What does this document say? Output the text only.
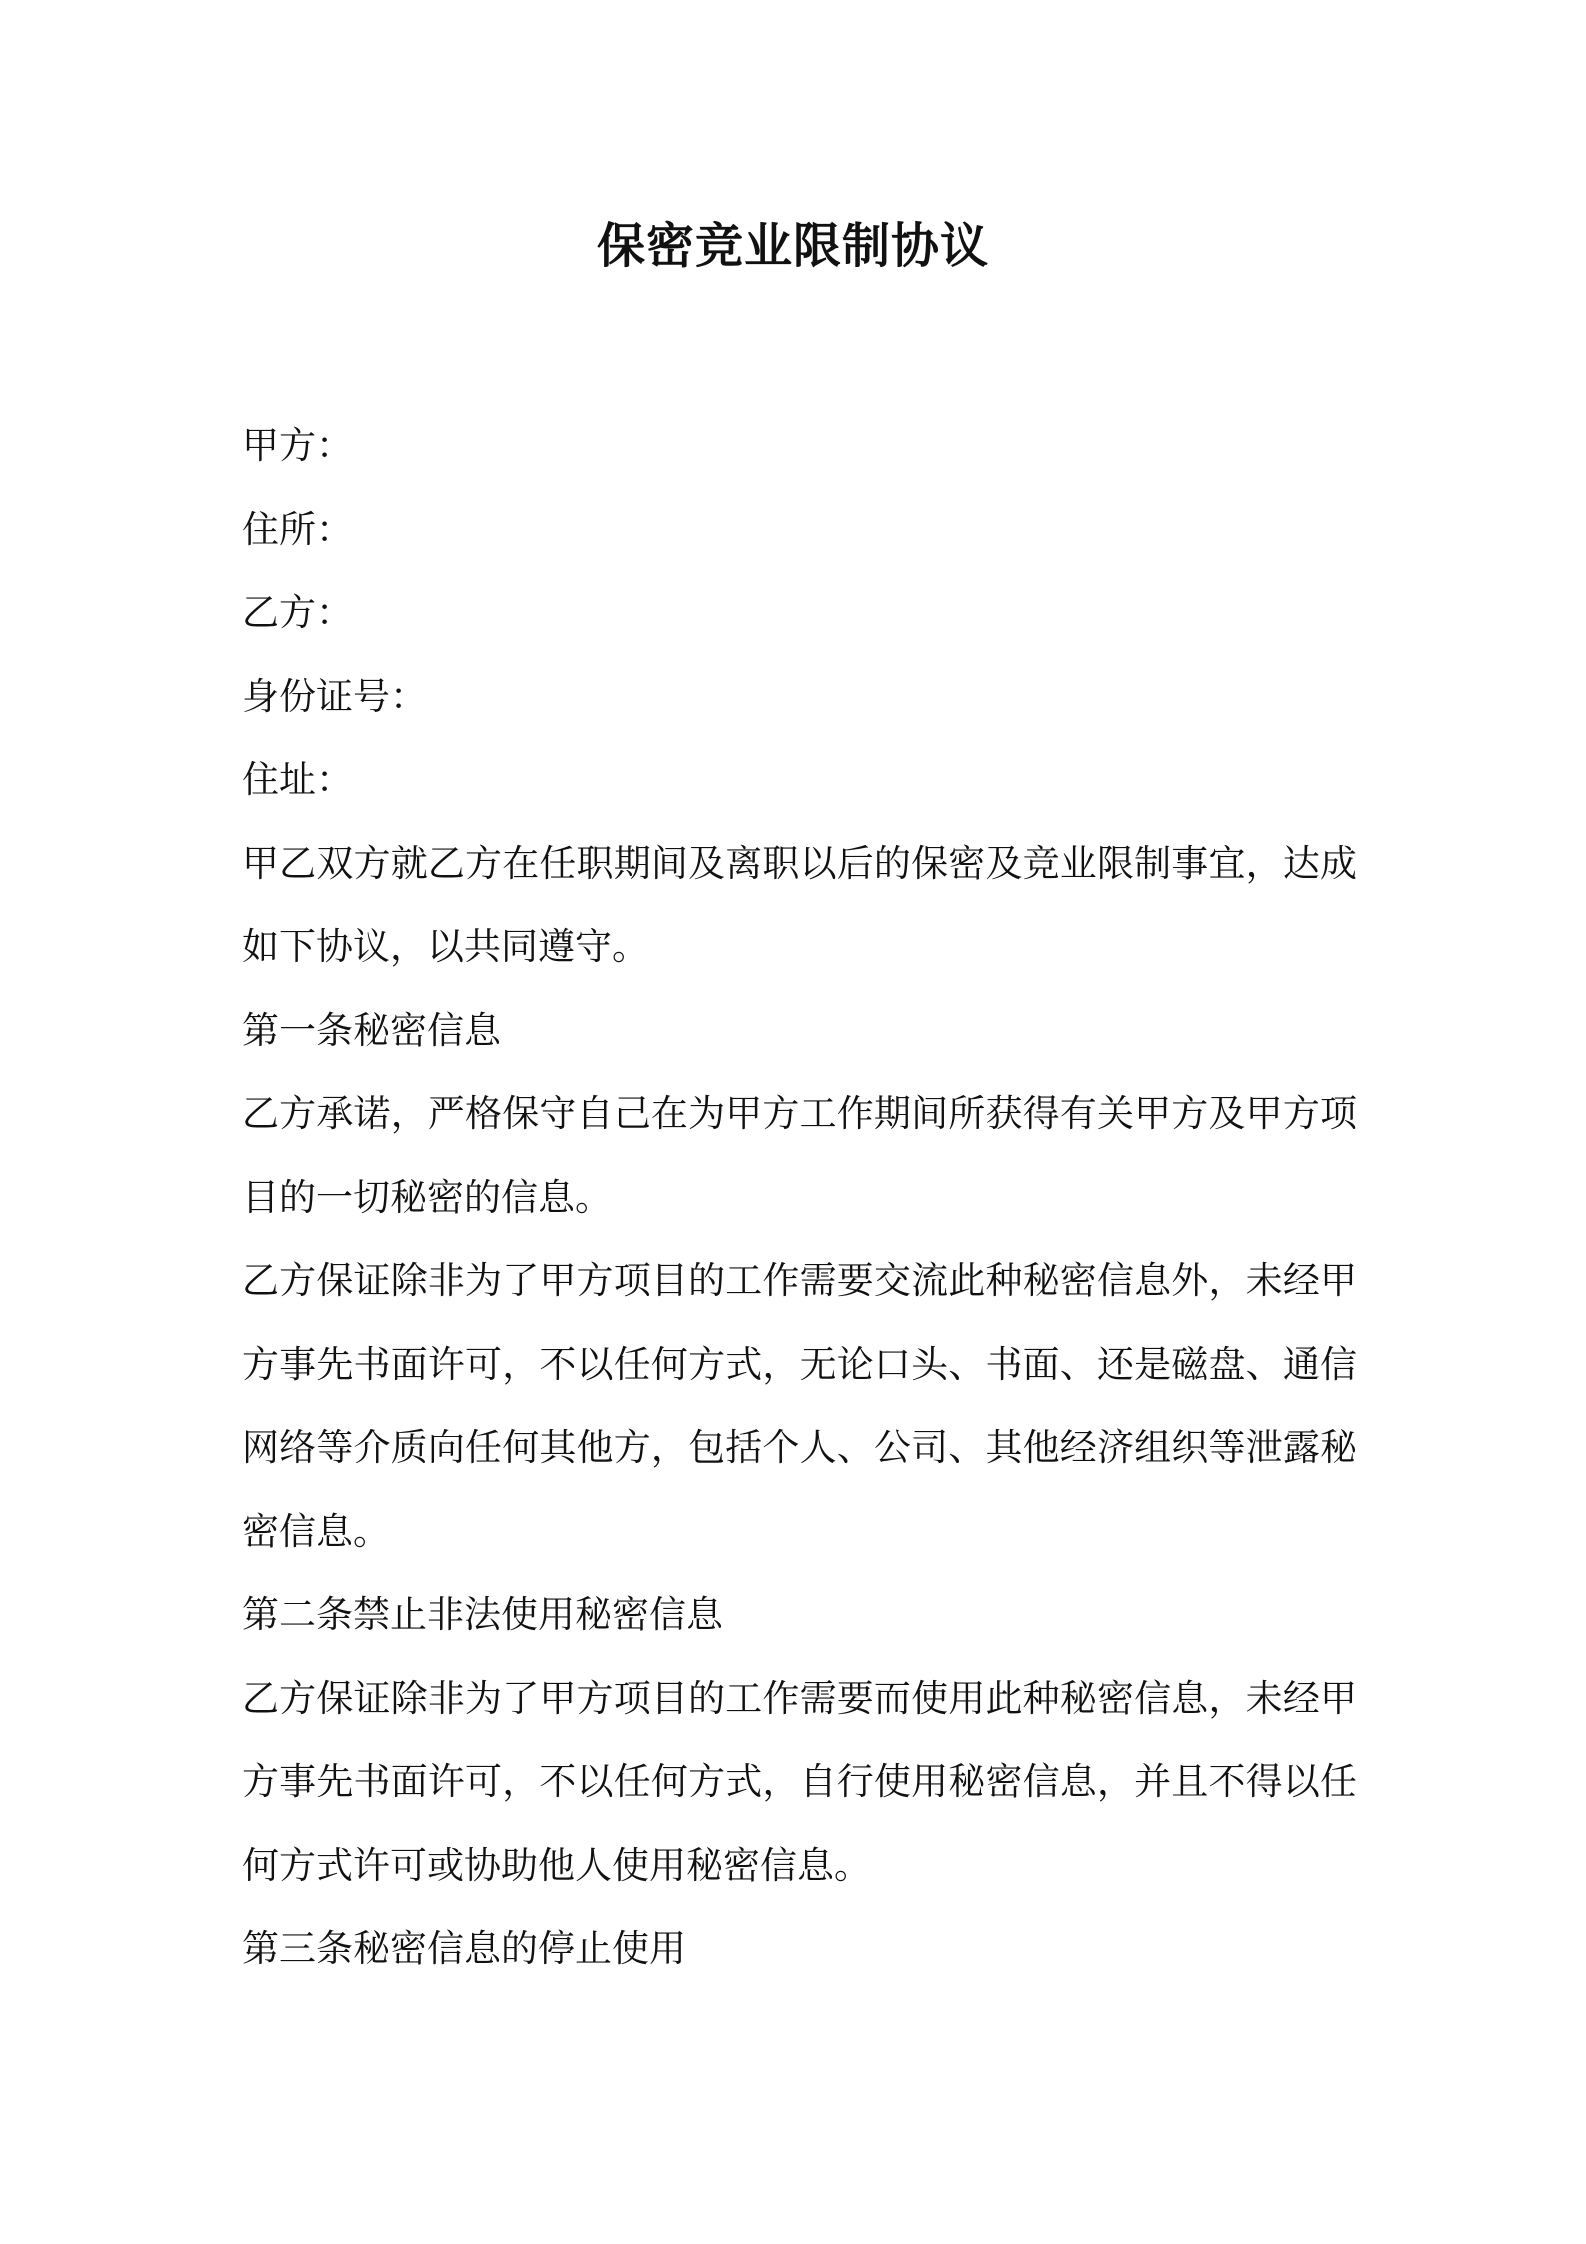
保密竞业限制协议
甲方：
住所：
乙方：
身份证号：
住址：
甲乙双方就乙方在任职期间及离职以后的保密及竞业限制事宜，达成
如下协议，以共同遵守。
第一条秘密信息
乙方承诺，严格保守自己在为甲方工作期间所获得有关甲方及甲方项
目的一切秘密的信息。
乙方保证除非为了甲方项目的工作需要交流此种秘密信息外，未经甲
方事先书面许可，不以任何方式，无论口头、书面、还是磁盘、通信
网络等介质向任何其他方，包括个人、公司、其他经济组织等泄露秘
密信息。
第二条禁止非法使用秘密信息
乙方保证除非为了甲方项目的工作需要而使用此种秘密信息，未经甲
方事先书面许可，不以任何方式，自行使用秘密信息，并且不得以任
何方式许可或协助他人使用秘密信息。
第三条秘密信息的停止使用
